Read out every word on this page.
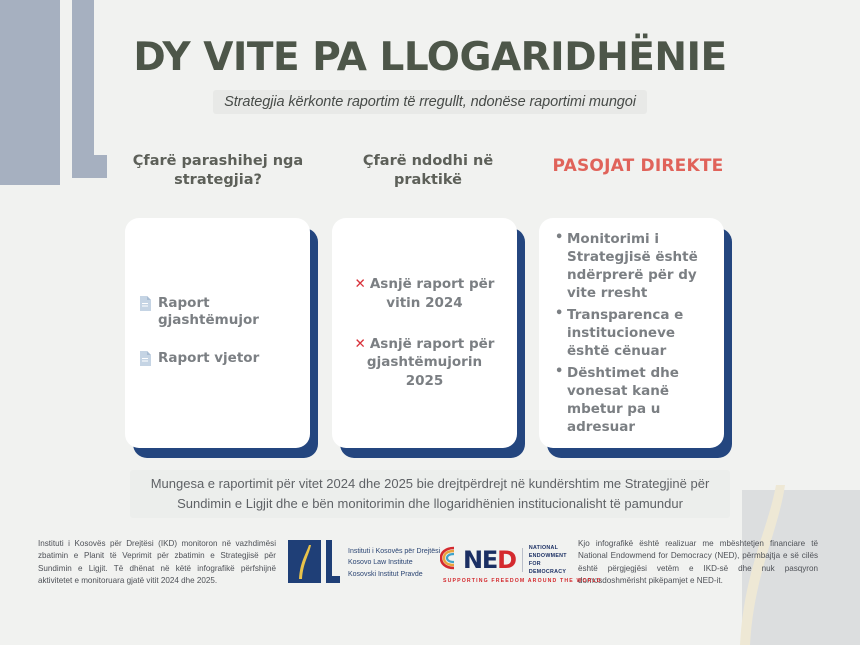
DY VITE PA LLOGARIDHËNIE
Strategjia kërkonte raportim të rregullt, ndonëse raportimi mungoi
Çfarë parashihej nga strategjia?
Çfarë ndodhi në praktikë
PASOJAT DIREKTE
Raport gjashtëmujor
Raport vjetor
✕ Asnjë raport për vitin 2024
✕ Asnjë raport për gjashtëmujorin 2025
• Monitorimi i Strategjisë është ndërprerë për dy vite rresht
• Transparenca e institucioneve është cënuar
• Dështimet dhe vonesat kanë mbetur pa u adresuar
Mungesa e raportimit për vitet 2024 dhe 2025 bie drejtpërdrejt në kundërshtim me Strategjinë për Sundimin e Ligjit dhe e bën monitorimin dhe llogaridhënien institucionalisht të pamundur
Instituti i Kosovës për Drejtësi (IKD) monitoron në vazhdimësi zbatimin e Planit të Veprimit për zbatimin e Strategjisë për Sundimin e Ligjit. Të dhënat në këtë infografikë përfshijnë aktivitetet e monitoruara gjatë vitit 2024 dhe 2025.
Kjo infografikë është realizuar me mbështetjen financiare të National Endowmend for Democracy (NED), përmbajtja e së cilës është përgjegjësi vetëm e IKD-së dhe nuk pasqyron domosdoshmërisht pikëpamjet e NED-it.
Instituti i Kosovës për Drejtësi
Kosovo Law Institute
Kosovski Institut Pravde
NED NATIONAL
ENDOWMENT
FOR
DEMOCRACY
SUPPORTING FREEDOM AROUND THE WORLD
